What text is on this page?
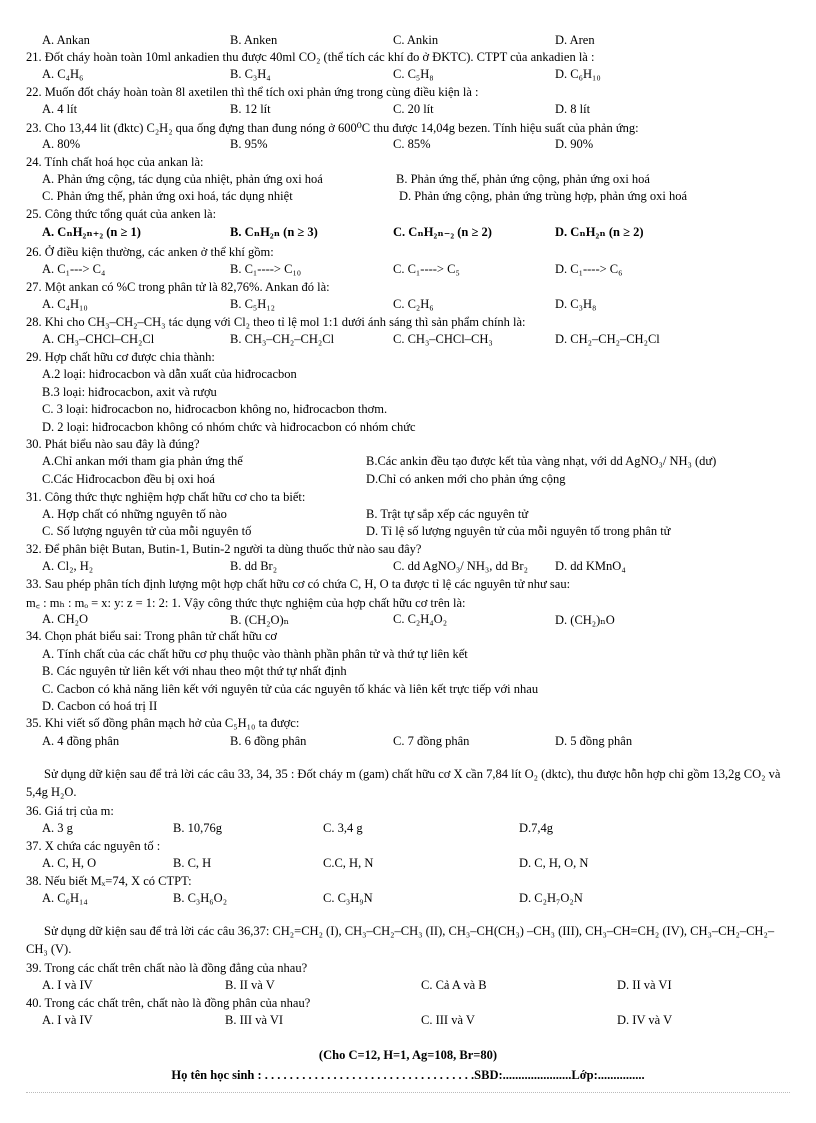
A. Ankan	B. Anken	C. Ankin	D. Aren
21. Đốt cháy hoàn toàn 10ml ankadien thu được 40ml CO₂ (thể tích các khí đo ở ĐKTC). CTPT của ankadien là :
A. C₄H₆	B. C₃H₄	C. C₅H₈	D. C₆H₁₀
22. Muốn đốt cháy hoàn toàn 8l axetilen thì thể tích oxi phản ứng trong cùng điều kiện là :
A. 4 lít	B. 12 lít	C. 20 lít	D. 8 lít
23. Cho 13,44 lit (đktc) C₂H₂ qua ống đựng than đung nóng ở 600⁰C thu được 14,04g bezen. Tính hiệu suất của phản ứng:
A. 80%	B. 95%	C. 85%	D. 90%
24. Tính chất hoá học của ankan là:
A. Phản ứng cộng, tác dụng của nhiệt, phản ứng oxi hoá	B. Phản ứng thế, phản ứng cộng, phản ứng oxi hoá
C. Phản ứng thế, phản ứng oxi hoá, tác dụng nhiệt	D. Phản ứng cộng, phản ứng trùng hợp, phản ứng oxi hoá
25. Công thức tổng quát của anken là:
A. CₙH₂ₙ₊₂ (n ≥ 1)	B. CₙH₂ₙ (n ≥ 3)	C. CₙH₂ₙ₋₂ (n ≥ 2)	D. CₙH₂ₙ (n ≥ 2)
26. Ở điều kiện thường, các anken ở thể khí gồm:
A. C₁---> C₄	B. C₁----> C₁₀	C. C₁----> C₅	D. C₁----> C₆
27. Một ankan có %C trong phân tử là 82,76%. Ankan đó là:
A. C₄H₁₀	B. C₅H₁₂	C. C₂H₆	D. C₃H₈
28. Khi cho CH₃–CH₂–CH₃ tác dụng với Cl₂ theo tỉ lệ mol 1:1 dưới ánh sáng thì sản phẩm chính là:
A. CH₃–CHCl–CH₂Cl	B. CH₃–CH₂–CH₂Cl	C. CH₃–CHCl–CH₃	D. CH₂–CH₂–CH₂Cl
29. Hợp chất hữu cơ được chia thành:
A.2 loại: hiđrocacbon và dẫn xuất của hiđrocacbon
B.3 loại: hiđrocacbon, axit và rượu
C. 3 loại: hiđrocacbon no, hiđrocacbon không no, hiđrocacbon thơm.
D. 2 loại: hiđrocacbon không có nhóm chức và hiđrocacbon có nhóm chức
30. Phát biểu nào sau đây là đúng?
A.Chỉ ankan mới tham gia phản ứng thế	B.Các ankin đều tạo được kết tủa vàng nhạt, với dd AgNO₃/ NH₃ (dư)
C.Các Hiđrocacbon đều bị oxi hoá	D.Chỉ có anken mới cho phản ứng cộng
31. Công thức thực nghiệm hợp chất hữu cơ cho ta biết:
A. Hợp chất có những nguyên tố nào	B. Trật tự sắp xếp các nguyên tử
C. Số lượng nguyên tử của mỗi nguyên tố	D. Tỉ lệ số lượng nguyên tử của mỗi nguyên tố trong phân tử
32. Để phân biệt Butan, Butin-1, Butin-2 người ta dùng thuốc thử nào sau đây?
A. Cl₂, H₂	B. dd Br₂	C. dd AgNO₃/ NH₃, dd Br₂ D. dd KMnO₄
33. Sau phép phân tích định lượng một hợp chất hữu cơ có chứa C, H, O ta được tỉ lệ các nguyên tử như sau:
m꜀ : mₕ : mₒ = x: y: z = 1: 2: 1. Vậy công thức thực nghiệm của hợp chất hữu cơ trên là:
A. CH₂O	B. (CH₂O)ₙ	C. C₂H₄O₂	D. (CH₂)ₙO
34. Chọn phát biểu sai: Trong phân tử chất hữu cơ
A. Tính chất của các chất hữu cơ phụ thuộc vào thành phần phân tử và thứ tự liên kết
B. Các nguyên tử liên kết với nhau theo một thứ tự nhất định
C. Cacbon có khả năng liên kết với nguyên tử của các nguyên tố khác và liên kết trực tiếp với nhau
D. Cacbon có hoá trị II
35. Khi viết số đồng phân mạch hở của C₅H₁₀ ta được:
A. 4 đồng phân	B. 6 đồng phân	C. 7 đồng phân	D. 5 đồng phân
Sử dụng dữ kiện sau để trả lời các câu 33, 34, 35 : Đốt cháy m (gam) chất hữu cơ X cần 7,84 lít O₂ (dktc), thu được hỗn hợp chỉ gồm 13,2g CO₂ và 5,4g H₂O.
36. Giá trị của m:
A. 3 g	B. 10,76g	C. 3,4 g	D.7,4g
37. X chứa các nguyên tố :
A. C, H, O	B. C, H	C.C, H, N	D. C, H, O, N
38. Nếu biết Mₓ=74, X có CTPT:
A. C₆H₁₄	B. C₃H₆O₂	C. C₃H₉N	D. C₂H₇O₂N
Sử dụng dữ kiện sau để trả lời các câu 36,37: CH₂=CH₂ (I), CH₃–CH₂–CH₃ (II), CH₃–CH(CH₃) –CH₃ (III), CH₃–CH=CH₂ (IV), CH₃–CH₂–CH₂–CH₃ (V).
39. Trong các chất trên chất nào là đồng đẳng của nhau?
A. I và IV	B. II và V	C. Cả A và B	D. II và VI
40. Trong các chất trên, chất nào là đồng phân của nhau?
A. I và IV	B. III và VI	C. III và V	D. IV và V
(Cho C=12, H=1, Ag=108, Br=80)
Họ tên học sinh : . . . . . . . . . . . . . . . . . . . . . . . . . . . . . . . . . .SBD:......................Lớp:...............
